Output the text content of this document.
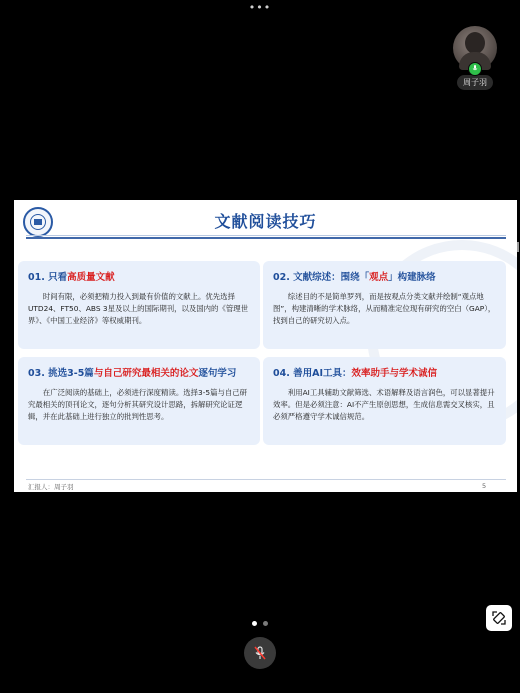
•••
周子羽
文献阅读技巧
01. 只看高质量文献

时间有限，必须把精力投入到最有价值的文献上。优先选择UTD24、FT50、ABS 3星及以上的国际期刊，以及国内的《管理世界》、《中国工业经济》等权威期刊。

02. 文献综述：围绕「观点」构建脉络

综述目的不是简单罗列，而是按观点分类文献并绘制“观点地图”，构建清晰的学术脉络，从而精准定位现有研究的空白（GAP），找到自己的研究切入点。

03. 挑选3-5篇与自己研究最相关的论文逐句学习

在广泛阅读的基础上，必须进行深度精读。选择3-5篇与自己研究最相关的顶刊论文，逐句分析其研究设计思路，拆解研究论证逻辑，并在此基础上进行独立的批判性思考。

04. 善用AI工具：效率助手与学术诚信

利用AI工具辅助文献筛选、术语解释及语言润色，可以显著提升效率。但是必须注意：AI不产生原创思想，生成信息需交叉核实，且必须严格遵守学术诚信规范。

汇报人：周子羽	5
